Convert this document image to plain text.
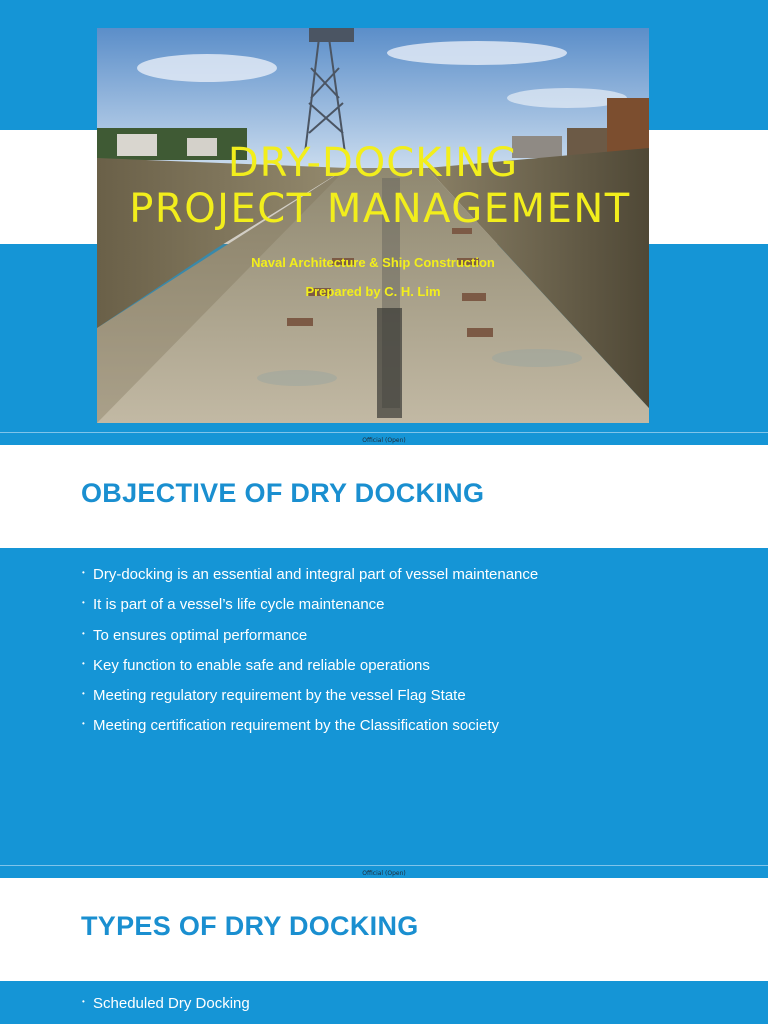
DRY-DOCKING
PROJECT MANAGEMENT
Naval Architecture & Ship Construction
Prepared by C. H. Lim
Official (Open)
OBJECTIVE OF DRY DOCKING
• Dry-docking is an essential and integral part of vessel maintenance
• It is part of a vessel’s life cycle maintenance
• To ensures optimal performance
• Key function to enable safe and reliable operations
• Meeting regulatory requirement by the vessel Flag State
• Meeting certification requirement by the Classification society
Official (Open)
TYPES OF DRY DOCKING
• Scheduled Dry Docking
